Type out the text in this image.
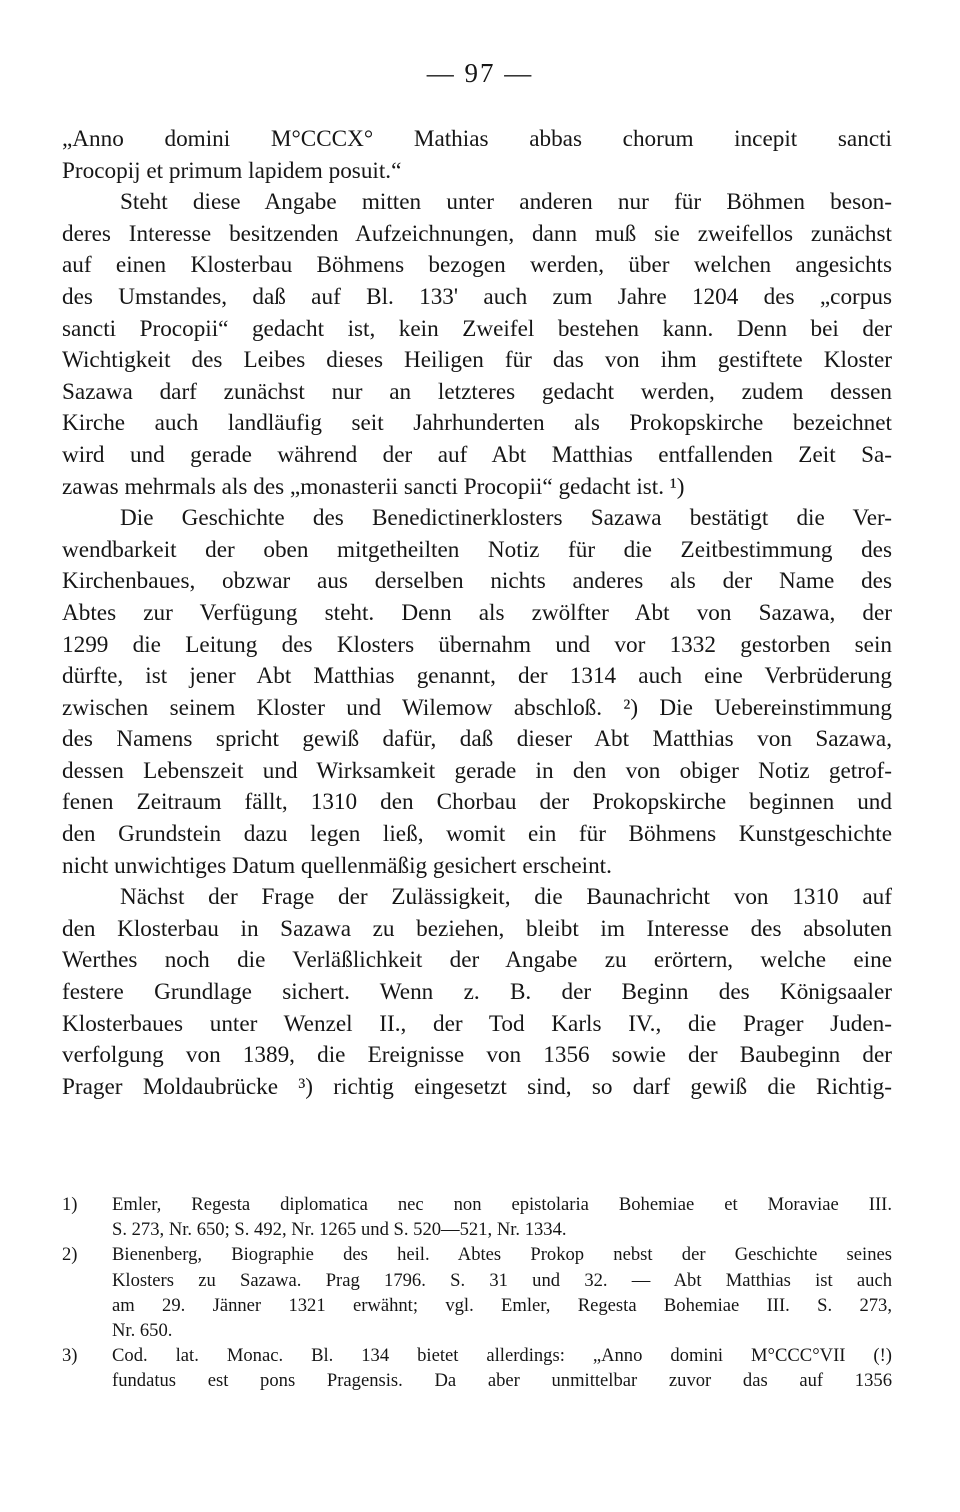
— 97 —
„Anno domini M°CCCX° Mathias abbas chorum incepit sancti
Procopij et primum lapidem posuit.“
Steht diese Angabe mitten unter anderen nur für Böhmen beson-
deres Interesse besitzenden Aufzeichnungen, dann muß sie zweifellos zunächst
auf einen Klosterbau Böhmens bezogen werden, über welchen angesichts
des Umstandes, daß auf Bl. 133' auch zum Jahre 1204 des „corpus
sancti Procopii“ gedacht ist, kein Zweifel bestehen kann. Denn bei der
Wichtigkeit des Leibes dieses Heiligen für das von ihm gestiftete Kloster
Sazawa darf zunächst nur an letzteres gedacht werden, zudem dessen
Kirche auch landläufig seit Jahrhunderten als Prokopskirche bezeichnet
wird und gerade während der auf Abt Matthias entfallenden Zeit Sa-
zawas mehrmals als des „monasterii sancti Procopii“ gedacht ist. ¹)
Die Geschichte des Benedictinerklosters Sazawa bestätigt die Ver-
wendbarkeit der oben mitgetheilten Notiz für die Zeitbestimmung des
Kirchenbaues, obzwar aus derselben nichts anderes als der Name des
Abtes zur Verfügung steht. Denn als zwölfter Abt von Sazawa, der
1299 die Leitung des Klosters übernahm und vor 1332 gestorben sein
dürfte, ist jener Abt Matthias genannt, der 1314 auch eine Verbrüderung
zwischen seinem Kloster und Wilemow abschloß. ²) Die Uebereinstimmung
des Namens spricht gewiß dafür, daß dieser Abt Matthias von Sazawa,
dessen Lebenszeit und Wirksamkeit gerade in den von obiger Notiz getrof-
fenen Zeitraum fällt, 1310 den Chorbau der Prokopskirche beginnen und
den Grundstein dazu legen ließ, womit ein für Böhmens Kunstgeschichte
nicht unwichtiges Datum quellenmäßig gesichert erscheint.
Nächst der Frage der Zulässigkeit, die Baunachricht von 1310 auf
den Klosterbau in Sazawa zu beziehen, bleibt im Interesse des absoluten
Werthes noch die Verläßlichkeit der Angabe zu erörtern, welche eine
festere Grundlage sichert. Wenn z. B. der Beginn des Königsaaler
Klosterbaues unter Wenzel II., der Tod Karls IV., die Prager Juden-
verfolgung von 1389, die Ereignisse von 1356 sowie der Baubeginn der
Prager Moldaubrücke ³) richtig eingesetzt sind, so darf gewiß die Richtig-
1) Emler, Regesta diplomatica nec non epistolaria Bohemiae et Moraviae III.
S. 273, Nr. 650; S. 492, Nr. 1265 und S. 520—521, Nr. 1334.
2) Bienenberg, Biographie des heil. Abtes Prokop nebst der Geschichte seines
Klosters zu Sazawa. Prag 1796. S. 31 und 32. — Abt Matthias ist auch
am 29. Jänner 1321 erwähnt; vgl. Emler, Regesta Bohemiae III. S. 273,
Nr. 650.
3) Cod. lat. Monac. Bl. 134 bietet allerdings: „Anno domini M°CCC°VII (!)
fundatus est pons Pragensis. Da aber unmittelbar zuvor das auf 1356
